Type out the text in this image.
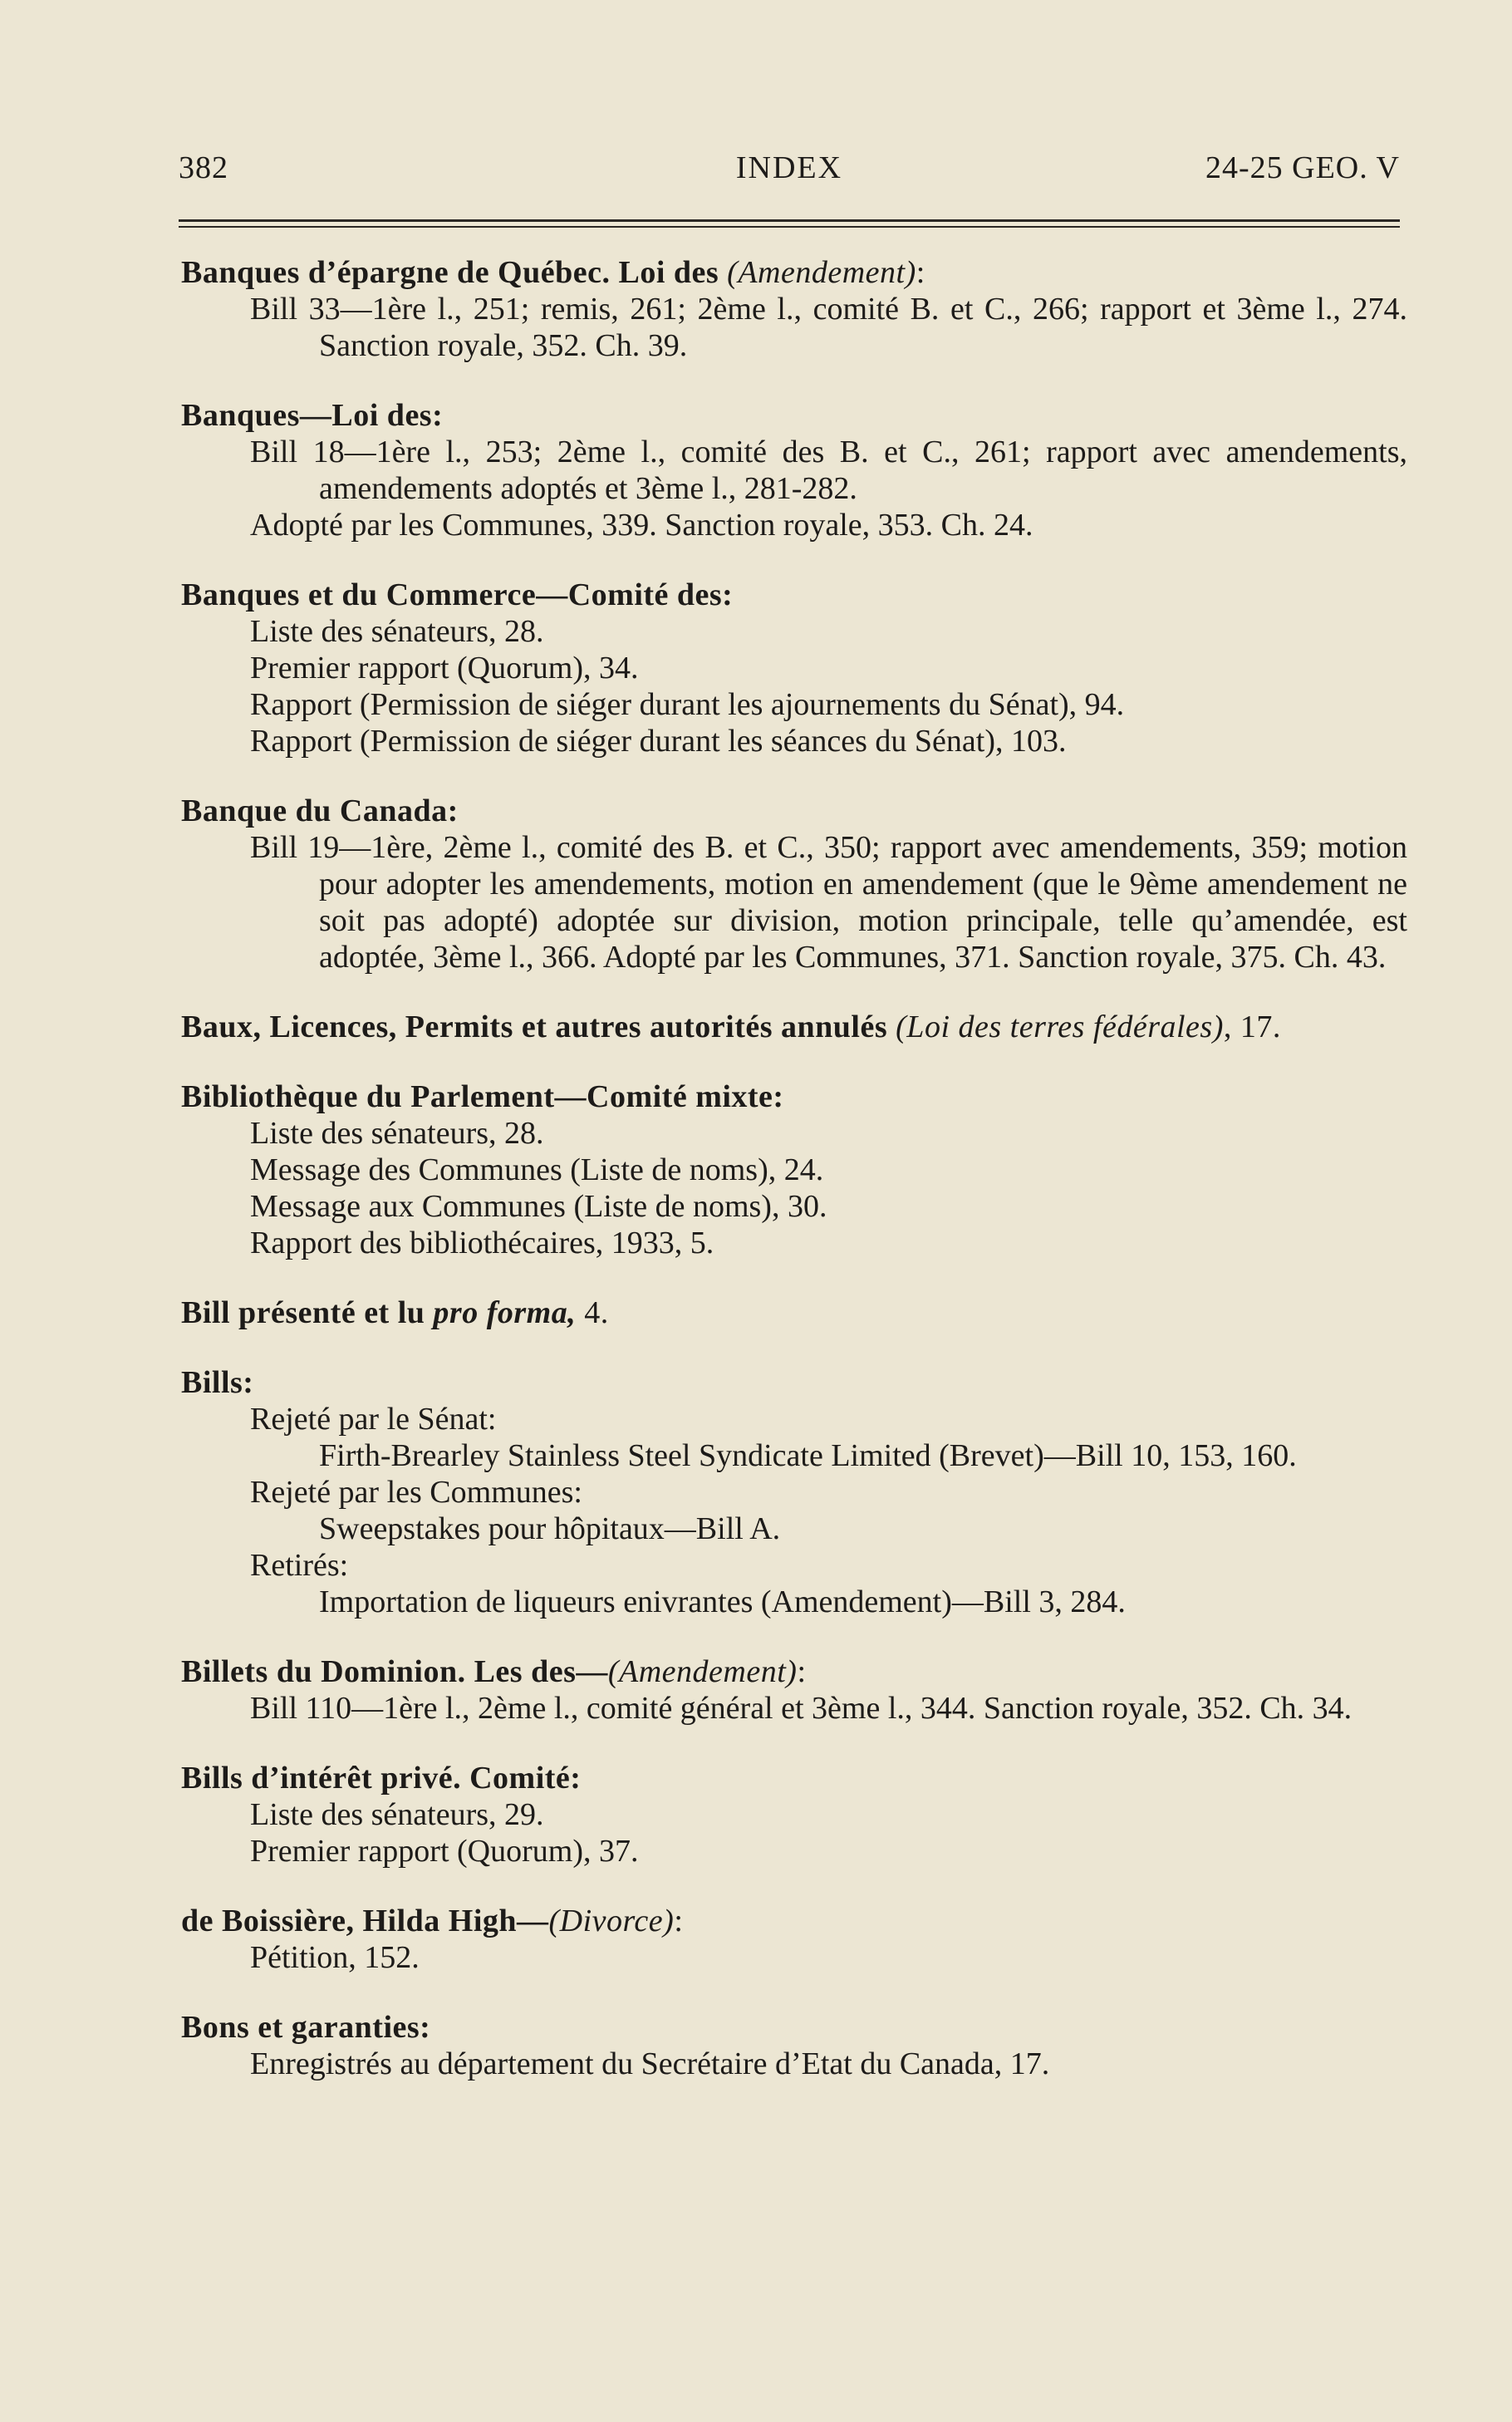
382	INDEX	24-25 GEO. V
Banques d’épargne de Québec. Loi des (Amendement):
Bill 33—1ère l., 251; remis, 261; 2ème l., comité B. et C., 266; rapport et 3ème l., 274. Sanction royale, 352. Ch. 39.
Banques—Loi des:
Bill 18—1ère l., 253; 2ème l., comité des B. et C., 261; rapport avec amendements, amendements adoptés et 3ème l., 281-282.
Adopté par les Communes, 339. Sanction royale, 353. Ch. 24.
Banques et du Commerce—Comité des:
Liste des sénateurs, 28.
Premier rapport (Quorum), 34.
Rapport (Permission de siéger durant les ajournements du Sénat), 94.
Rapport (Permission de siéger durant les séances du Sénat), 103.
Banque du Canada:
Bill 19—1ère, 2ème l., comité des B. et C., 350; rapport avec amendements, 359; motion pour adopter les amendements, motion en amendement (que le 9ème amendement ne soit pas adopté) adoptée sur division, motion principale, telle qu’amendée, est adoptée, 3ème l., 366. Adopté par les Communes, 371. Sanction royale, 375. Ch. 43.
Baux, Licences, Permits et autres autorités annulés (Loi des terres fédérales), 17.
Bibliothèque du Parlement—Comité mixte:
Liste des sénateurs, 28.
Message des Communes (Liste de noms), 24.
Message aux Communes (Liste de noms), 30.
Rapport des bibliothécaires, 1933, 5.
Bill présenté et lu pro forma, 4.
Bills:
Rejeté par le Sénat:
Firth-Brearley Stainless Steel Syndicate Limited (Brevet)—Bill 10, 153, 160.
Rejeté par les Communes:
Sweepstakes pour hôpitaux—Bill A.
Retirés:
Importation de liqueurs enivrantes (Amendement)—Bill 3, 284.
Billets du Dominion. Les des—(Amendement):
Bill 110—1ère l., 2ème l., comité général et 3ème l., 344. Sanction royale, 352. Ch. 34.
Bills d’intérêt privé. Comité:
Liste des sénateurs, 29.
Premier rapport (Quorum), 37.
de Boissière, Hilda High—(Divorce):
Pétition, 152.
Bons et garanties:
Enregistrés au département du Secrétaire d’Etat du Canada, 17.
